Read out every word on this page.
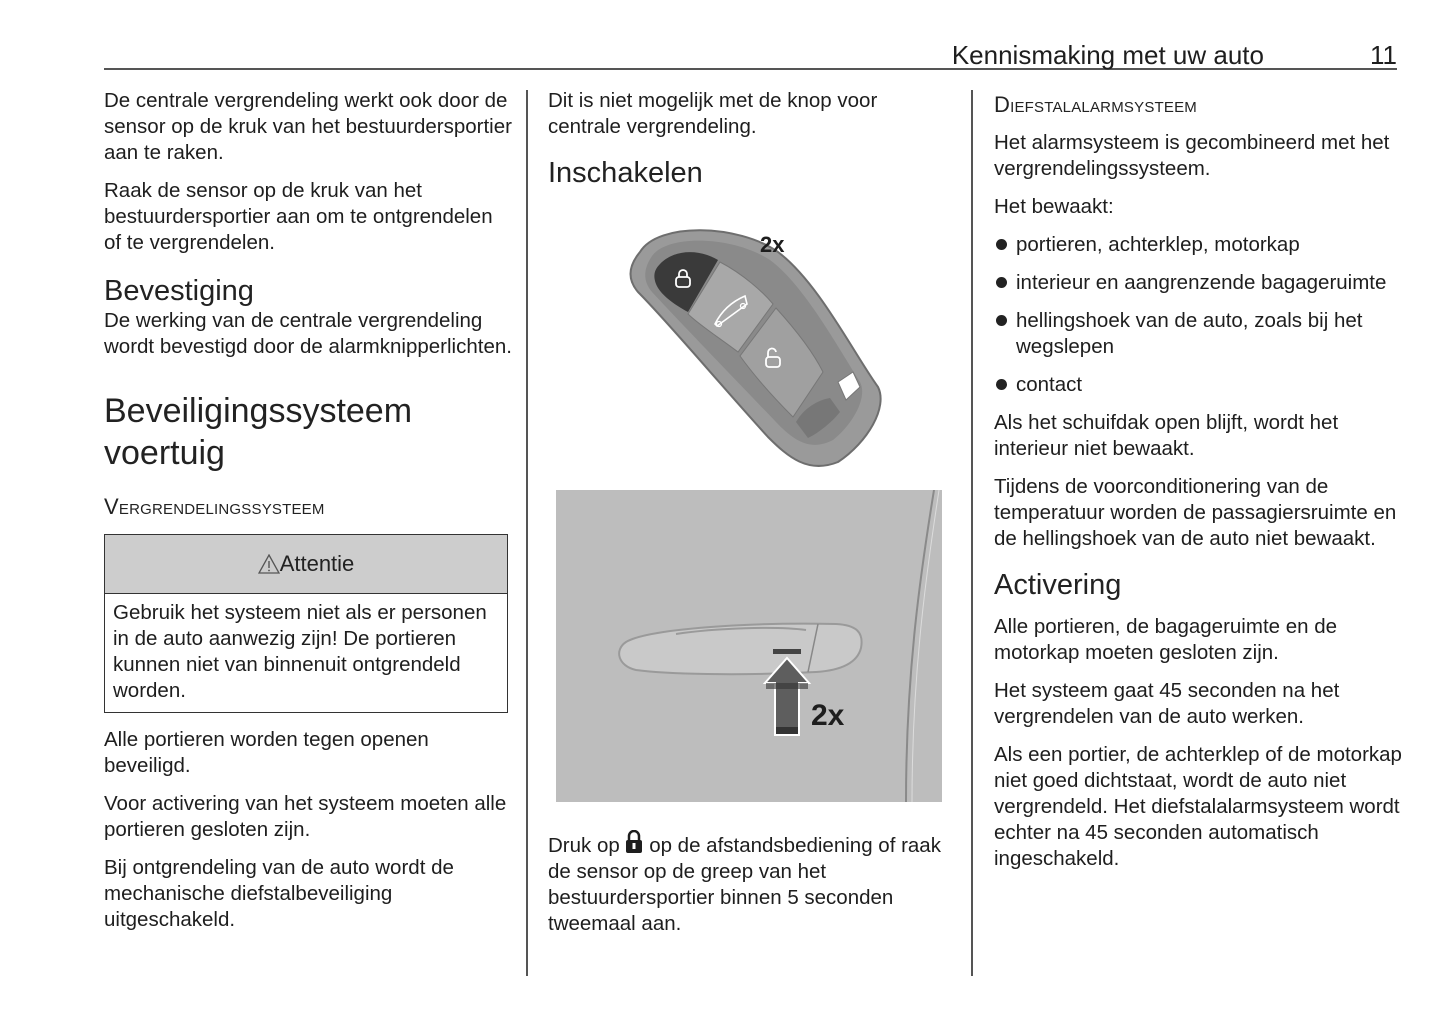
Kennismaking met uw auto	11

De centrale vergrendeling werkt ook door de sensor op de kruk van het bestuurdersportier aan te raken.

Raak de sensor op de kruk van het bestuurdersportier aan om te ontgrendelen of te vergrendelen.

Bevestiging

De werking van de centrale vergrendeling wordt bevestigd door de alarmknipperlichten.

Beveiligingssysteem voertuig
Vergrendelingssysteem
Attentie
Gebruik het systeem niet als er personen in de auto aanwezig zijn! De portieren kunnen niet van binnenuit ontgrendeld worden.

Alle portieren worden tegen openen beveiligd.

Voor activering van het systeem moeten alle portieren gesloten zijn.

Bij ontgrendeling van de auto wordt de mechanische diefstalbeveiliging uitgeschakeld.

Dit is niet mogelijk met de knop voor centrale vergrendeling.

Inschakelen
2x
2x

Druk op op de afstandsbediening of raak de sensor op de greep van het bestuurdersportier binnen 5 seconden tweemaal aan.

Diefstalalarmsysteem

Het alarmsysteem is gecombineerd met het vergrendelingssysteem.

Het bewaakt:

portieren, achterklep, motorkap
interieur en aangrenzende bagageruimte
hellingshoek van de auto, zoals bij het wegslepen
contact

Als het schuifdak open blijft, wordt het interieur niet bewaakt.

Tijdens de voorconditionering van de temperatuur worden de passagiersruimte en de hellingshoek van de auto niet bewaakt.

Activering

Alle portieren, de bagageruimte en de motorkap moeten gesloten zijn.

Het systeem gaat 45 seconden na het vergrendelen van de auto werken.

Als een portier, de achterklep of de motorkap niet goed dichtstaat, wordt de auto niet vergrendeld. Het diefstalalarmsysteem wordt echter na 45 seconden automatisch ingeschakeld.
